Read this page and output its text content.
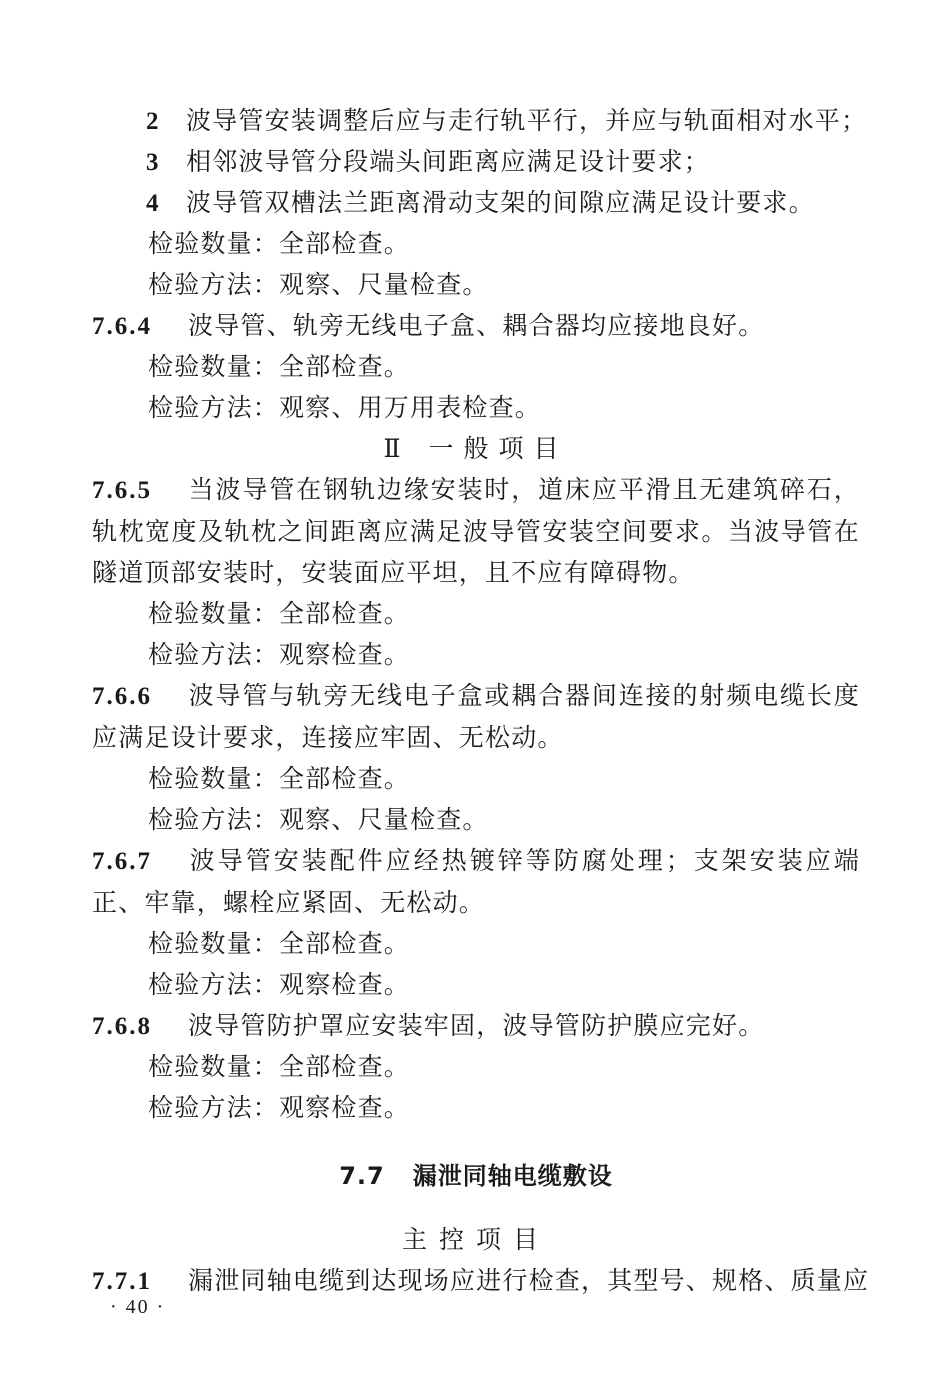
2 波导管安装调整后应与走行轨平行，并应与轨面相对水平；
3 相邻波导管分段端头间距离应满足设计要求；
4 波导管双槽法兰距离滑动支架的间隙应满足设计要求。
检验数量：全部检查。
检验方法：观察、尺量检查。
7.6.4 波导管、轨旁无线电子盒、耦合器均应接地良好。
检验数量：全部检查。
检验方法：观察、用万用表检查。
Ⅱ 一般项目
7.6.5 当波导管在钢轨边缘安装时，道床应平滑且无建筑碎石，轨枕宽度及轨枕之间距离应满足波导管安装空间要求。当波导管在隧道顶部安装时，安装面应平坦，且不应有障碍物。
检验数量：全部检查。
检验方法：观察检查。
7.6.6 波导管与轨旁无线电子盒或耦合器间连接的射频电缆长度应满足设计要求，连接应牢固、无松动。
检验数量：全部检查。
检验方法：观察、尺量检查。
7.6.7 波导管安装配件应经热镀锌等防腐处理；支架安装应端正、牢靠，螺栓应紧固、无松动。
检验数量：全部检查。
检验方法：观察检查。
7.6.8 波导管防护罩应安装牢固，波导管防护膜应完好。
检验数量：全部检查。
检验方法：观察检查。
7.7 漏泄同轴电缆敷设
主控项目
7.7.1 漏泄同轴电缆到达现场应进行检查，其型号、规格、质量应
· 40 ·
